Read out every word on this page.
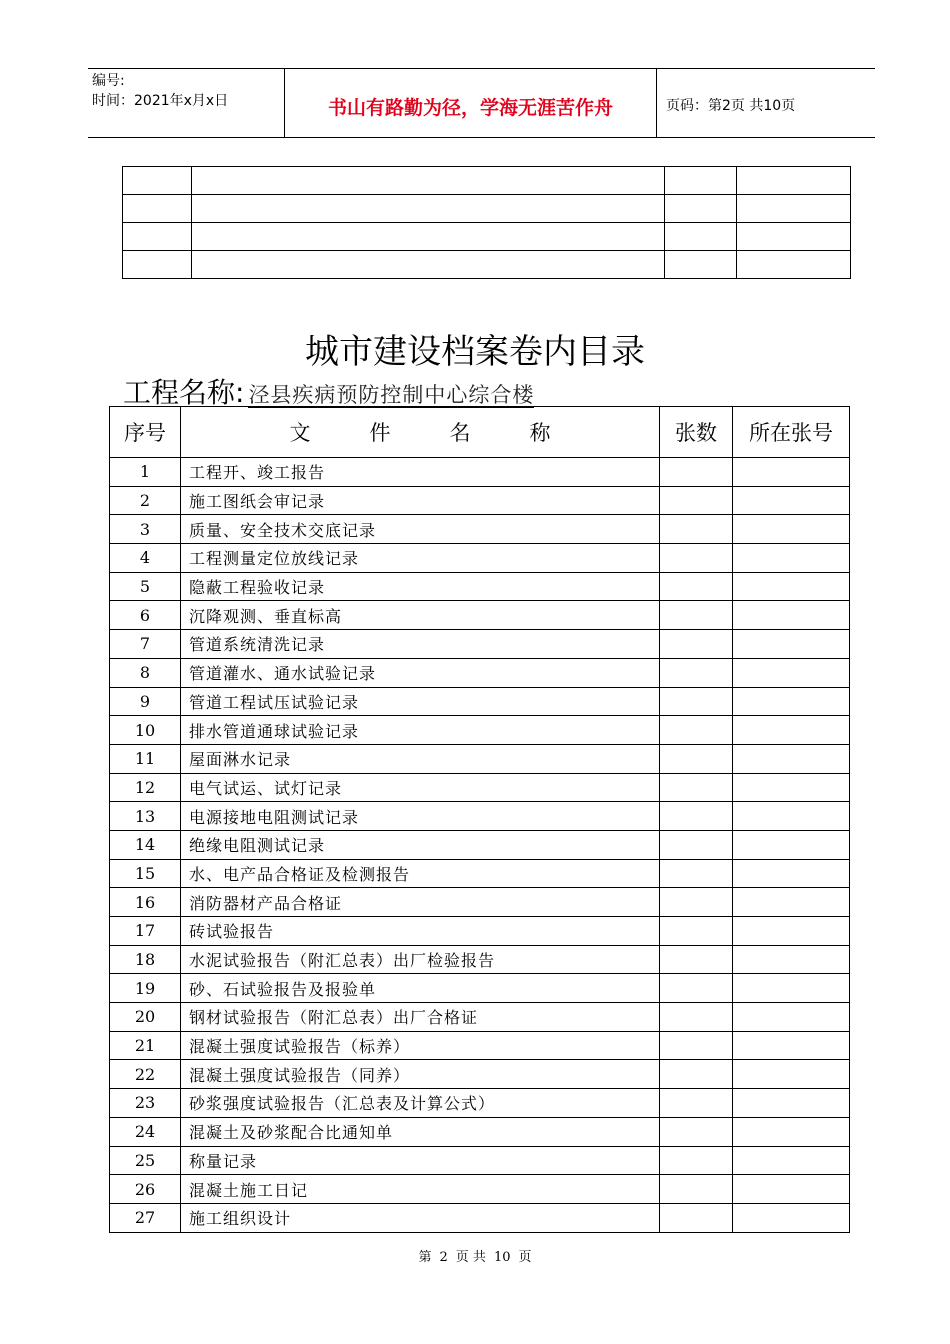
编号:
时间：2021年x月x日	书山有路勤为径，学海无涯苦作舟	页码：第2页 共10页

城市建设档案卷内目录
工程名称: 泾县疾病预防控制中心综合楼
序号	文 件 名 称	张数	所在张号
1	工程开、竣工报告		
2	施工图纸会审记录		
3	质量、安全技术交底记录		
4	工程测量定位放线记录		
5	隐蔽工程验收记录		
6	沉降观测、垂直标高		
7	管道系统清洗记录		
8	管道灌水、通水试验记录		
9	管道工程试压试验记录		
10	排水管道通球试验记录		
11	屋面淋水记录		
12	电气试运、试灯记录		
13	电源接地电阻测试记录		
14	绝缘电阻测试记录		
15	水、电产品合格证及检测报告		
16	消防器材产品合格证		
17	砖试验报告		
18	水泥试验报告（附汇总表）出厂检验报告		
19	砂、石试验报告及报验单		
20	钢材试验报告（附汇总表）出厂合格证		
21	混凝土强度试验报告（标养）		
22	混凝土强度试验报告（同养）		
23	砂浆强度试验报告（汇总表及计算公式）		
24	混凝土及砂浆配合比通知单		
25	称量记录		
26	混凝土施工日记		
27	施工组织设计		
第 2 页 共 10 页
